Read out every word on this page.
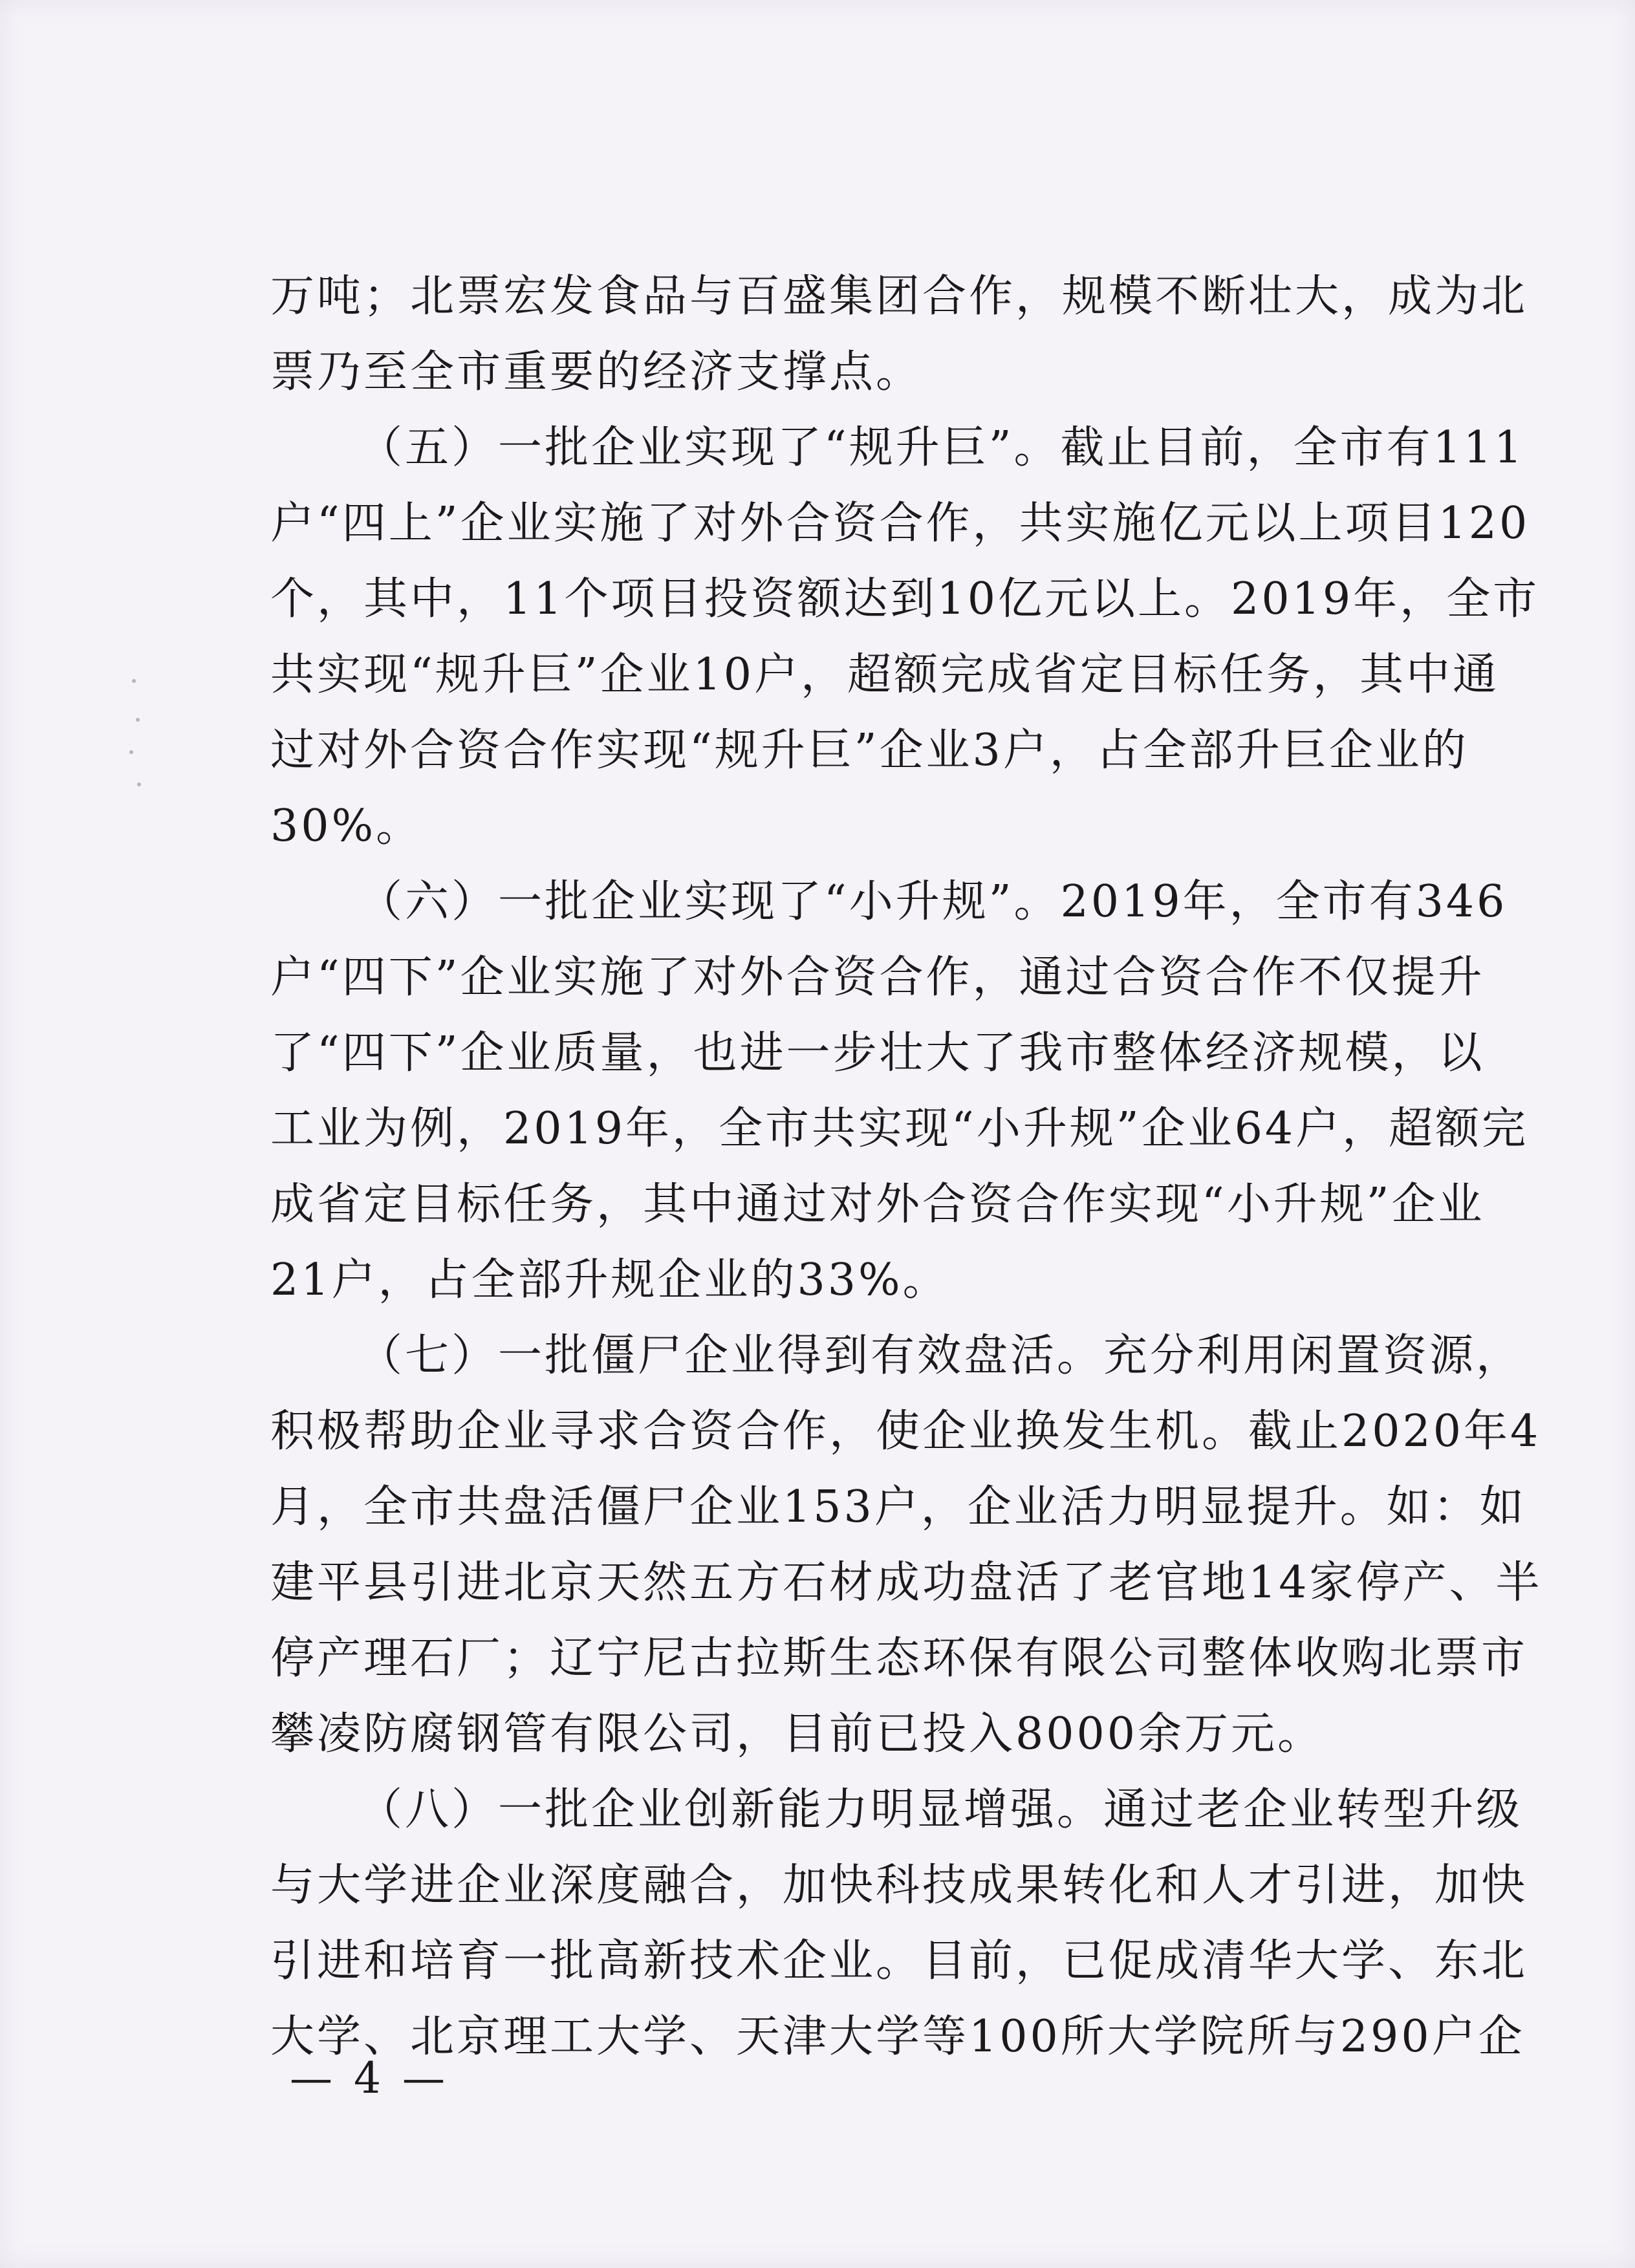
万吨；北票宏发食品与百盛集团合作，规模不断壮大，成为北
票乃至全市重要的经济支撑点。
（五）一批企业实现了“规升巨”。截止目前，全市有111
户“四上”企业实施了对外合资合作，共实施亿元以上项目120
个，其中，11个项目投资额达到10亿元以上。2019年，全市
共实现“规升巨”企业10户，超额完成省定目标任务，其中通
过对外合资合作实现“规升巨”企业3户，占全部升巨企业的
30%。
（六）一批企业实现了“小升规”。2019年，全市有346
户“四下”企业实施了对外合资合作，通过合资合作不仅提升
了“四下”企业质量，也进一步壮大了我市整体经济规模，以
工业为例，2019年，全市共实现“小升规”企业64户，超额完
成省定目标任务，其中通过对外合资合作实现“小升规”企业
21户，占全部升规企业的33%。
（七）一批僵尸企业得到有效盘活。充分利用闲置资源，
积极帮助企业寻求合资合作，使企业换发生机。截止2020年4
月，全市共盘活僵尸企业153户，企业活力明显提升。如：如
建平县引进北京天然五方石材成功盘活了老官地14家停产、半
停产理石厂；辽宁尼古拉斯生态环保有限公司整体收购北票市
攀凌防腐钢管有限公司，目前已投入8000余万元。
（八）一批企业创新能力明显增强。通过老企业转型升级
与大学进企业深度融合，加快科技成果转化和人才引进，加快
引进和培育一批高新技术企业。目前，已促成清华大学、东北
大学、北京理工大学、天津大学等100所大学院所与290户企
— 4 —
